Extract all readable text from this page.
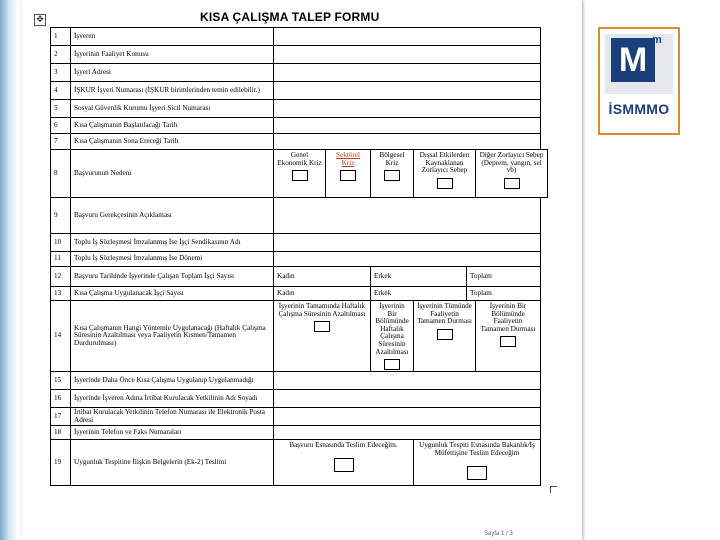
✥	KISA ÇALIŞMA TALEP FORMU
1	İşveren						
2	İşyerinin Faaliyet Konusu						
3	İşyeri Adresi						
4	İŞKUR İşyeri Numarası (İŞKUR birimlerinden temin edilebilir.)						
5	Sosyal Güvenlik Kurumu İşyeri Sicil Numarası						
6	Kısa Çalışmanın Başlatılacağı Tarih						
7	Kısa Çalışmanın Sona Ereceği Tarih						
8	Başvurunun Nedeni	Genel Ekonomik Kriz	Sektörel Kriz	Bölgesel Kriz	Dışsal Etkilerden Kaynaklanan Zorlayıcı Sebep		Diğer Zorlayıcı Sebep (Deprem, yangın, sel vb)

9	Başvuru Gerekçesinin Açıklaması						
10	Toplu İş Sözleşmesi İmzalanmış İse İşçi Sendikasının Adı						
11	Toplu İş Sözleşmesi İmzalanmış İse Dönemi						
12	Başvuru Tarihinde İşyerinde Çalışan Toplam İşçi Sayısı	Kadın		Erkek		Toplam	
13	Kısa Çalışma Uygulanacak İşçi Sayısı	Kadın		Erkek		Toplam	
14	Kısa Çalışmanın Hangi Yöntemle Uygulanacağı (Haftalık Çalışma Süresinin Azaltılması veya Faaliyetin Kısmen/Tamamen Durdurulması)	İşyerinin Tamamında Haftalık Çalışma Süresinin Azaltılması		İşyerinin Bir Bölümünde Haftalık Çalışma Süresinin Azaltılması	İşyerinin Tümünde Faaliyetin Tamamen Durması		İşyerinin Bir Bölümünde Faaliyetin Tamamen Durması

15	İşyerinde Daha Önce Kısa Çalışma Uygulanıp Uygulanmadığı						
16	İşyerinde İşveren Adına İrtibat Kurulacak Yetkilinin Adı Soyadı						
17	İrtibat Kurulacak Yetkilinin Telefon Numarası ile Elektronik Posta Adresi						
18	İşyerinin Telefon ve Faks Numaraları						
19	Uygunluk Tespitine İlişkin Belgelerin (Ek-2) Teslimi	Başvuru Esnasında Teslim Edeceğim.			Uygunluk Tespiti Esnasında Bakanlık/İş Müfettişine Teslim Edeceğim		
Sayfa 1 / 3
M
m
İSMMMO
